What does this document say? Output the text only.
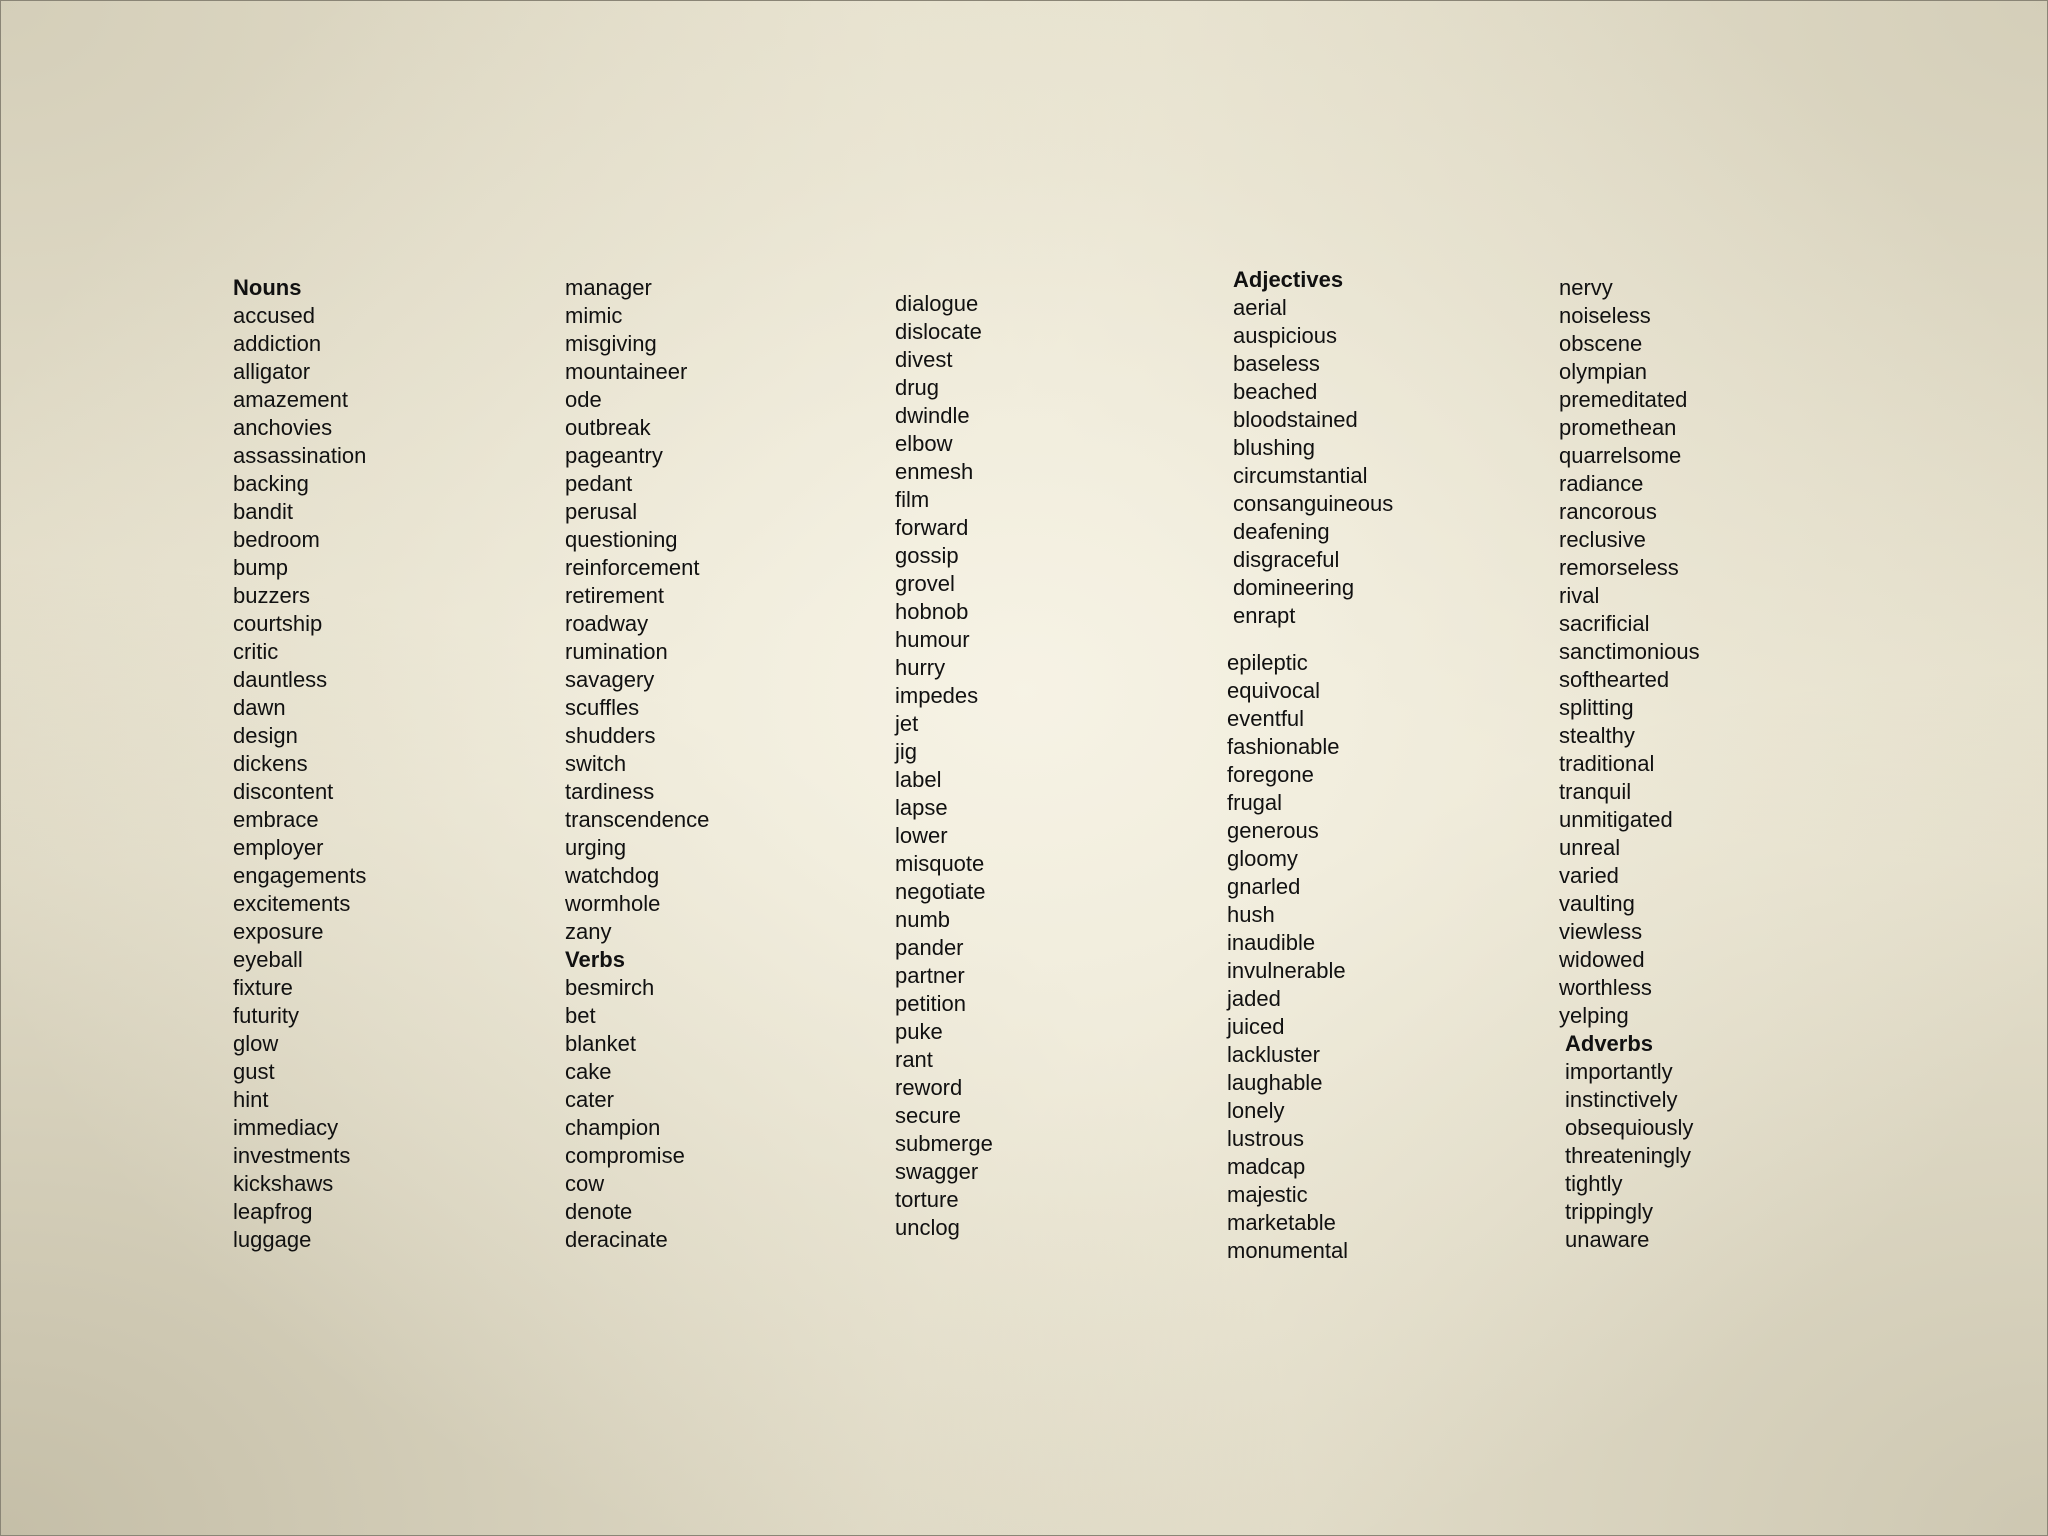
Nouns
accused
addiction
alligator
amazement
anchovies
assassination
backing
bandit
bedroom
bump
buzzers
courtship
critic
dauntless
dawn
design
dickens
discontent
embrace
employer
engagements
excitements
exposure
eyeball
fixture
futurity
glow
gust
hint
immediacy
investments
kickshaws
leapfrog
luggage
manager
mimic
misgiving
mountaineer
ode
outbreak
pageantry
pedant
perusal
questioning
reinforcement
retirement
roadway
rumination
savagery
scuffles
shudders
switch
tardiness
transcendence
urging
watchdog
wormhole
zany
Verbs
besmirch
bet
blanket
cake
cater
champion
compromise
cow
denote
deracinate
dialogue
dislocate
divest
drug
dwindle
elbow
enmesh
film
forward
gossip
grovel
hobnob
humour
hurry
impedes
jet
jig
label
lapse
lower
misquote
negotiate
numb
pander
partner
petition
puke
rant
reword
secure
submerge
swagger
torture
unclog
Adjectives
aerial
auspicious
baseless
beached
bloodstained
blushing
circumstantial
consanguineous
deafening
disgraceful
domineering
enrapt
epileptic
equivocal
eventful
fashionable
foregone
frugal
generous
gloomy
gnarled
hush
inaudible
invulnerable
jaded
juiced
lackluster
laughable
lonely
lustrous
madcap
majestic
marketable
monumental
nervy
noiseless
obscene
olympian
premeditated
promethean
quarrelsome
radiance
rancorous
reclusive
remorseless
rival
sacrificial
sanctimonious
softhearted
splitting
stealthy
traditional
tranquil
unmitigated
unreal
varied
vaulting
viewless
widowed
worthless
yelping
Adverbs
importantly
instinctively
obsequiously
threateningly
tightly
trippingly
unaware
